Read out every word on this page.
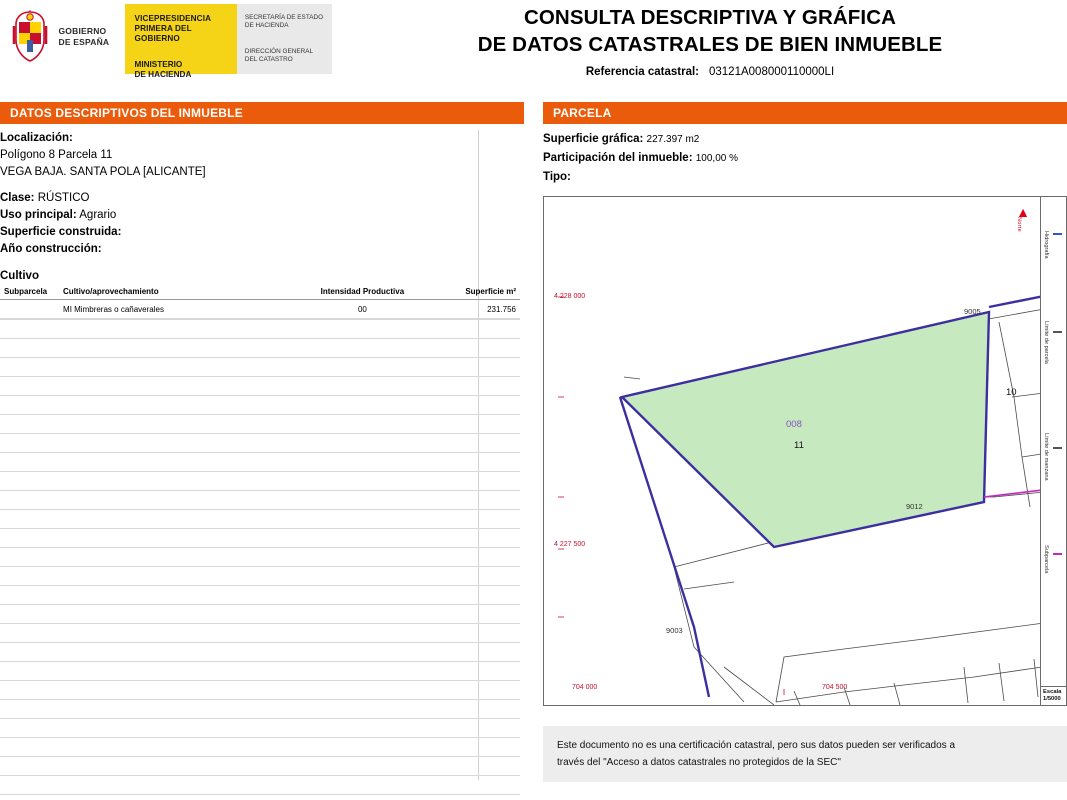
GOBIERNO
DE ESPAÑA
VICEPRESIDENCIA
PRIMERA DEL GOBIERNO
MINISTERIO
DE HACIENDA
SECRETARÍA DE ESTADO
DE HACIENDA
DIRECCIÓN GENERAL
DEL CATASTRO
CONSULTA DESCRIPTIVA Y GRÁFICA
DE DATOS CATASTRALES DE BIEN INMUEBLE
Referencia catastral: 03121A008000110000LI
DATOS DESCRIPTIVOS DEL INMUEBLE	PARCELA
Localización:
Polígono 8 Parcela 11
VEGA BAJA. SANTA POLA [ALICANTE]
Clase: RÚSTICO
Uso principal: Agrario
Superficie construida:
Año construcción:
Cultivo
Subparcela	Cultivo/aprovechamiento	Intensidad Productiva	Superficie m²
	MI Mimbreras o cañaverales	00	231.756
Superficie gráfica: 227.397 m2
Participación del inmueble: 100,00 %
Tipo:
4 228 000
4 227 500
704 000	704 500
008
11
10
9003
9012
9005
▲
Norte
Hidrografía
Límite de parcela
Límite de manzana
Subparcela
Escala
1/5000
Este documento no es una certificación catastral, pero sus datos pueden ser verificados a
través del "Acceso a datos catastrales no protegidos de la SEC"
